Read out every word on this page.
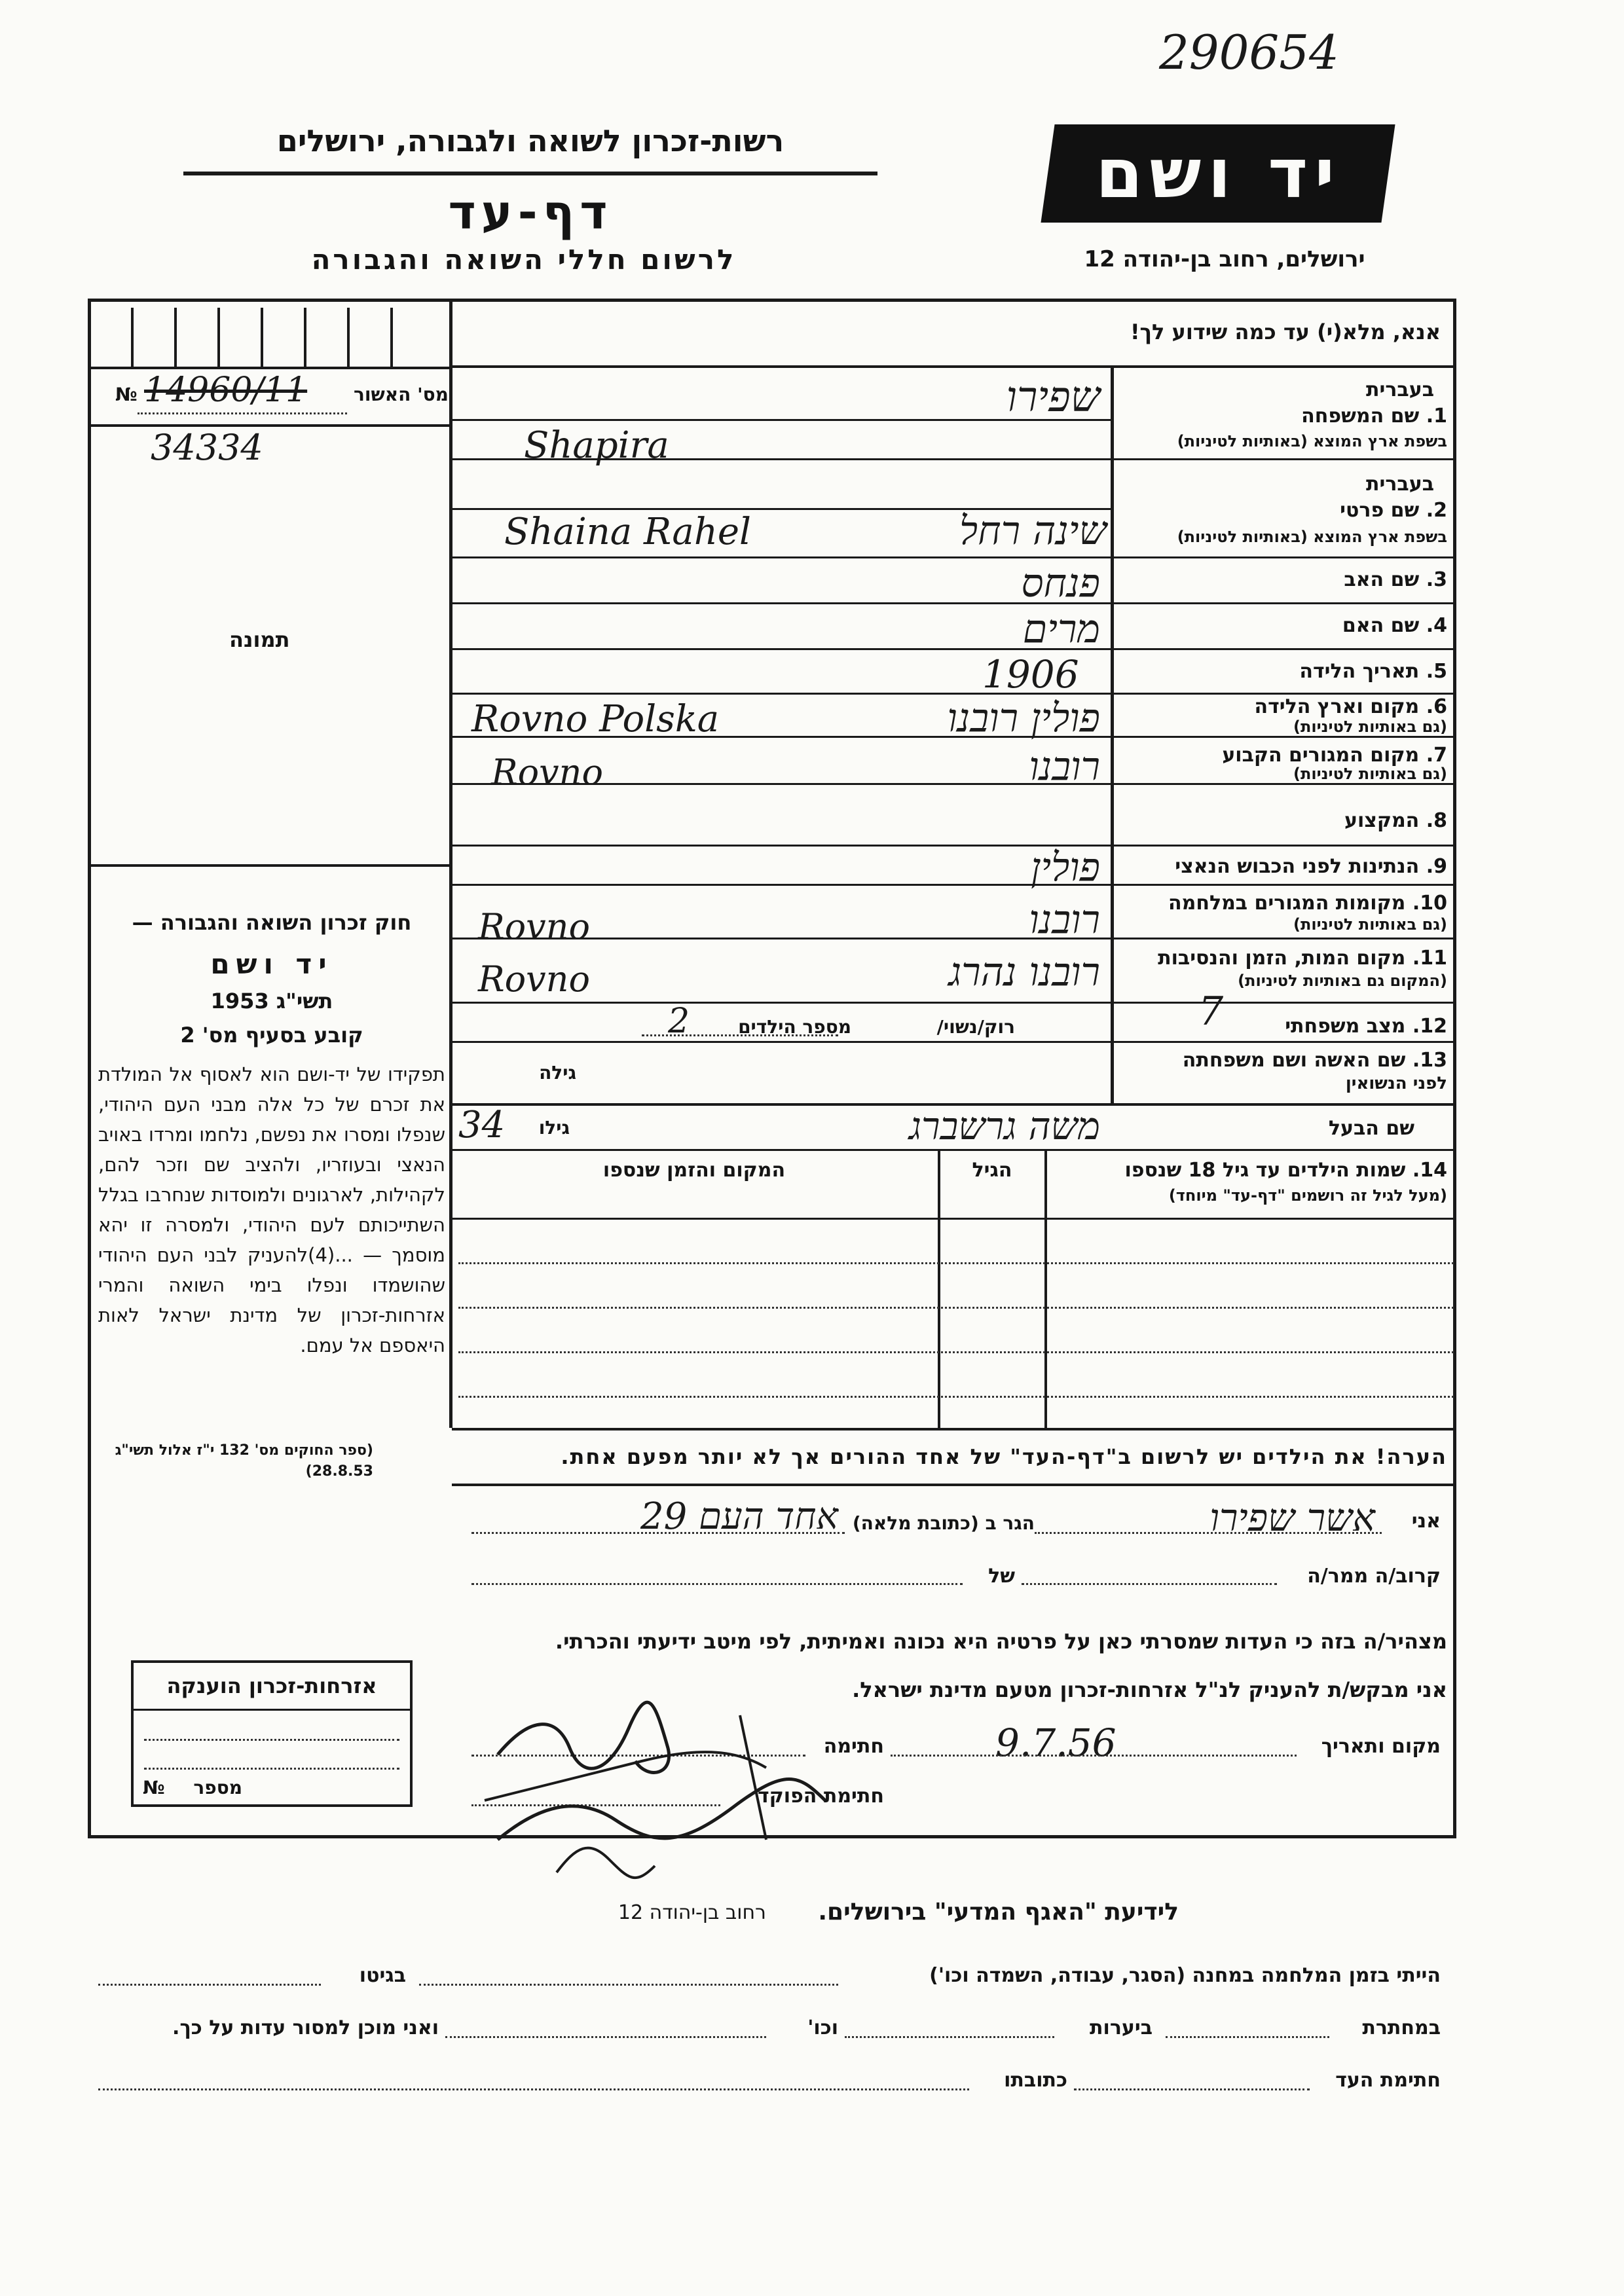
290654
רשות-זכרון לשואה ולגבורה, ירושלים
דף-עד
לרשום חללי השואה והגבורה
יד ושם
ירושלים, רחוב בן-יהודה 12
מס' האשור
№ 14960/11
34334
תמונה
חוק זכרון השואה והגבורה —
יד ושם
תשי"ג 1953
קובע בסעיף מס' 2
תפקידו של יד-ושם הוא לאסוף אל המולדת את זכרם של כל אלה מבני העם היהודי, שנפלו ומסרו את נפשם, נלחמו ומרדו באויב הנאצי ובעוזריו, ולהציב שם וזכר להם, לקהילות, לארגונים ולמוסדות שנחרבו בגלל השתייכותם לעם היהודי, ולמסרה זו יהא מוסמך — ...(4)להעניק לבני העם היהודי שהושמדו ונפלו בימי השואה והמרי אזרחות-זכרון של מדינת ישראל לאות היאספם אל עמם.
(ספר החוקים מס' 132 י"ז אלול תשי"ג 28.8.53)
אנא, מלא(י) עד כמה שידוע לך!
בעברית
1. שם המשפחה
בשפת ארץ המוצא (באותיות לטיניות)
שפירו
Shapira
בעברית
2. שם פרטי
בשפת ארץ המוצא (באותיות לטיניות)
שינה רחל
Shaina Rahel
3. שם האב
פנחס
4. שם האם
מרים
5. תאריך הלידה
1906
6. מקום וארץ הלידה
(גם באותיות לטיניות)
פולין רובנו
Rovno Polska
7. מקום המגורים הקבוע
(גם באותיות לטיניות)
רובנו
Rovno
8. המקצוע
9. הנתינות לפני הכבוש הנאצי
פולין
10. מקומות המגורים במלחמה
(גם באותיות לטיניות)
רובנו
Rovno
11. מקום המות, הזמן והנסיבות
(המקום גם באותיות לטיניות)
רובנו נהרג
Rovno
12. מצב משפחתי
7
רוק/נשוי/
מספר הילדים
2
13. שם האשה ושם משפחתה
לפני הנשואין
גילה
שם הבעל
משה גרשברג
גילו
34
14. שמות הילדים עד גיל 18 שנספו
(מעל לגיל זה רושמים "דף-עד" מיוחד)
הגיל
המקום והזמן שנספו
הערה! את הילדים יש לרשום ב"דף-העד" של אחד ההורים אך לא יותר מפעם אחת.
אני
אשר שפירו
הגר ב (כתובת מלאה)
אחד העם 29
קרוב/ה ממר/ה
של
מצהיר/ה בזה כי העדות שמסרתי כאן על פרטיה היא נכונה ואמיתית, לפי מיטב ידיעתי והכרתי.
אני מבקש/ת להעניק לנ"ל אזרחות-זכרון מטעם מדינת ישראל.
מקום ותאריך
9.7.56
חתימה
חתימת הפוקד
אזרחות-זכרון הוענקה
מספר
№
לידיעת "האגף המדעי" בירושלים.
רחוב בן-יהודה 12
הייתי בזמן המלחמה במחנה (הסגר, עבודה, השמדה וכו')
בגיטו
במחתרת
ביערות
וכו'
ואני מוכן למסור עדות על כך.
חתימת העד
כתובתו
